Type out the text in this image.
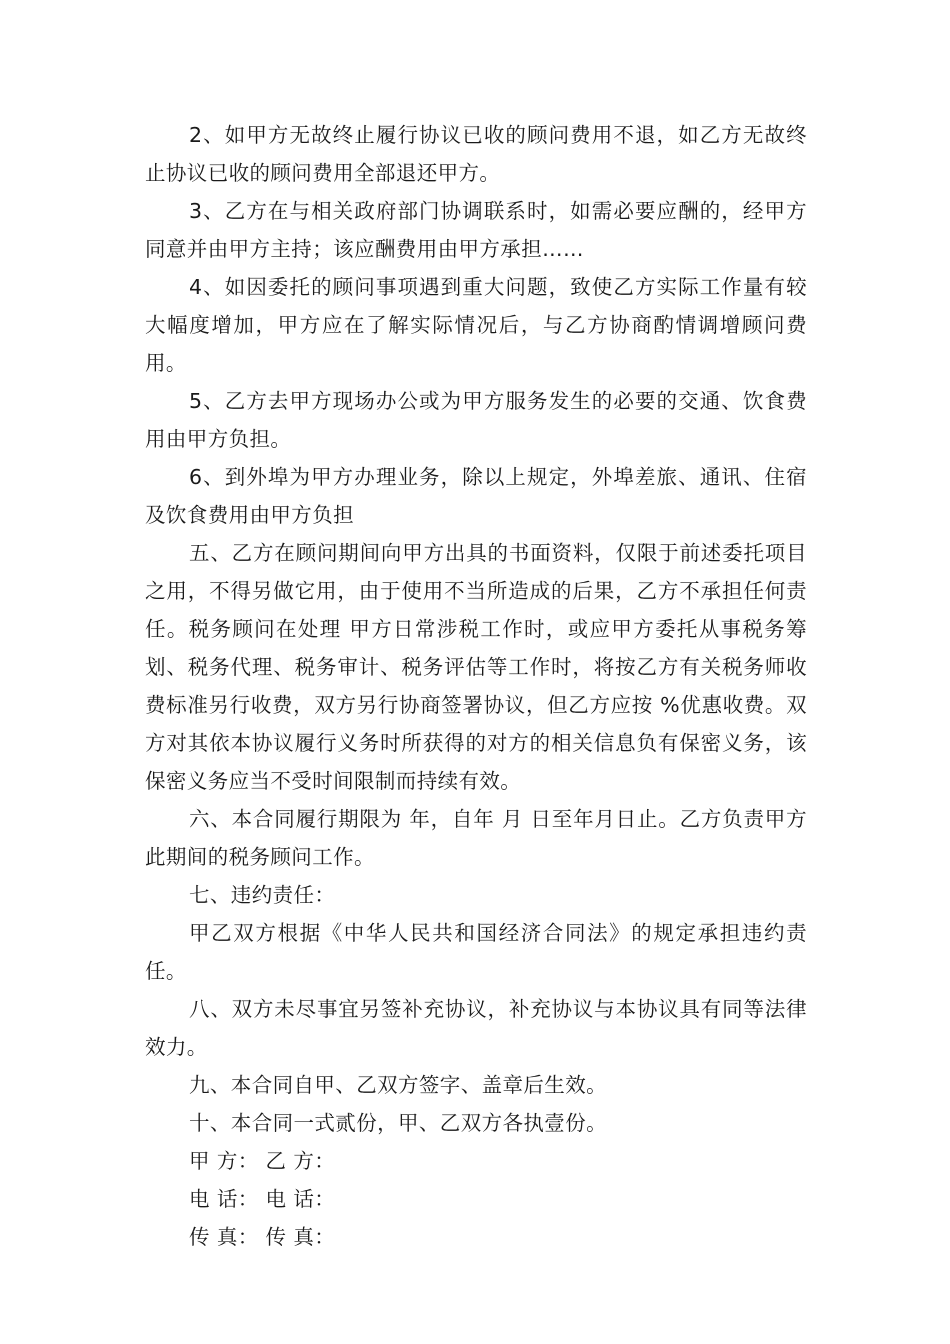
2、如甲方无故终止履行协议已收的顾问费用不退，如乙方无故终止协议已收的顾问费用全部退还甲方。

3、乙方在与相关政府部门协调联系时，如需必要应酬的，经甲方同意并由甲方主持；该应酬费用由甲方承担……

4、如因委托的顾问事项遇到重大问题，致使乙方实际工作量有较大幅度增加，甲方应在了解实际情况后，与乙方协商酌情调增顾问费用。

5、乙方去甲方现场办公或为甲方服务发生的必要的交通、饮食费用由甲方负担。

6、到外埠为甲方办理业务，除以上规定，外埠差旅、通讯、住宿及饮食费用由甲方负担

五、乙方在顾问期间向甲方出具的书面资料，仅限于前述委托项目之用，不得另做它用，由于使用不当所造成的后果，乙方不承担任何责任。税务顾问在处理 甲方日常涉税工作时，或应甲方委托从事税务筹划、税务代理、税务审计、税务评估等工作时，将按乙方有关税务师收费标准另行收费，双方另行协商签署协议，但乙方应按 %优惠收费。双方对其依本协议履行义务时所获得的对方的相关信息负有保密义务，该保密义务应当不受时间限制而持续有效。

六、本合同履行期限为 年，自年 月 日至年月日止。乙方负责甲方此期间的税务顾问工作。

七、违约责任：

甲乙双方根据《中华人民共和国经济合同法》的规定承担违约责任。

八、双方未尽事宜另签补充协议，补充协议与本协议具有同等法律效力。

九、本合同自甲、乙双方签字、盖章后生效。

十、本合同一式贰份，甲、乙双方各执壹份。

甲 方： 乙 方：

电 话： 电 话：

传 真： 传 真：
